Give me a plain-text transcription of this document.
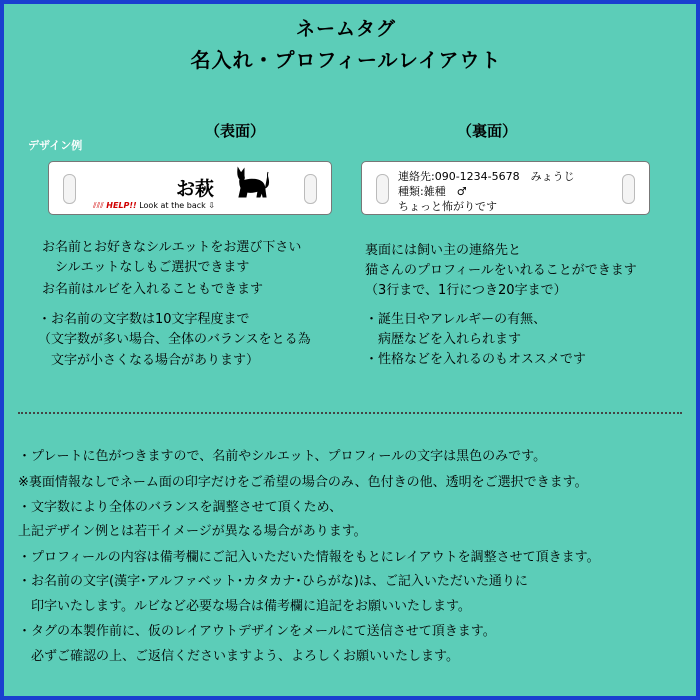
ネームタグ
名入れ・プロフィールレイアウト
（表面）	（裏面）
デザイン例
お萩
⫽⫽⫽ HELP!! Look at the back ⇩
連絡先:090-1234-5678　みょうじ
種類:雑種　♂
ちょっと怖がりです
お名前とお好きなシルエットをお選び下さい
　シルエットなしもご選択できます
お名前はルビを入れることもできます
・お名前の文字数は10文字程度まで
（文字数が多い場合、全体のバランスをとる為
　文字が小さくなる場合があります）
裏面には飼い主の連絡先と
猫さんのプロフィールをいれることができます
（3行まで、1行につき20字まで）
・誕生日やアレルギーの有無、
　病歴などを入れられます
・性格などを入れるのもオススメです
・プレートに色がつきますので、名前やシルエット、プロフィールの文字は黒色のみです。
※裏面情報なしでネーム面の印字だけをご希望の場合のみ、色付きの他、透明をご選択できます。
・文字数により全体のバランスを調整させて頂くため、
上記デザイン例とは若干イメージが異なる場合があります。
・プロフィールの内容は備考欄にご記入いただいた情報をもとにレイアウトを調整させて頂きます。
・お名前の文字(漢字･アルファベット･カタカナ･ひらがな)は、ご記入いただいた通りに
　印字いたします。ルビなど必要な場合は備考欄に追記をお願いいたします。
・タグの本製作前に、仮のレイアウトデザインをメールにて送信させて頂きます。
　必ずご確認の上、ご返信くださいますよう、よろしくお願いいたします。
